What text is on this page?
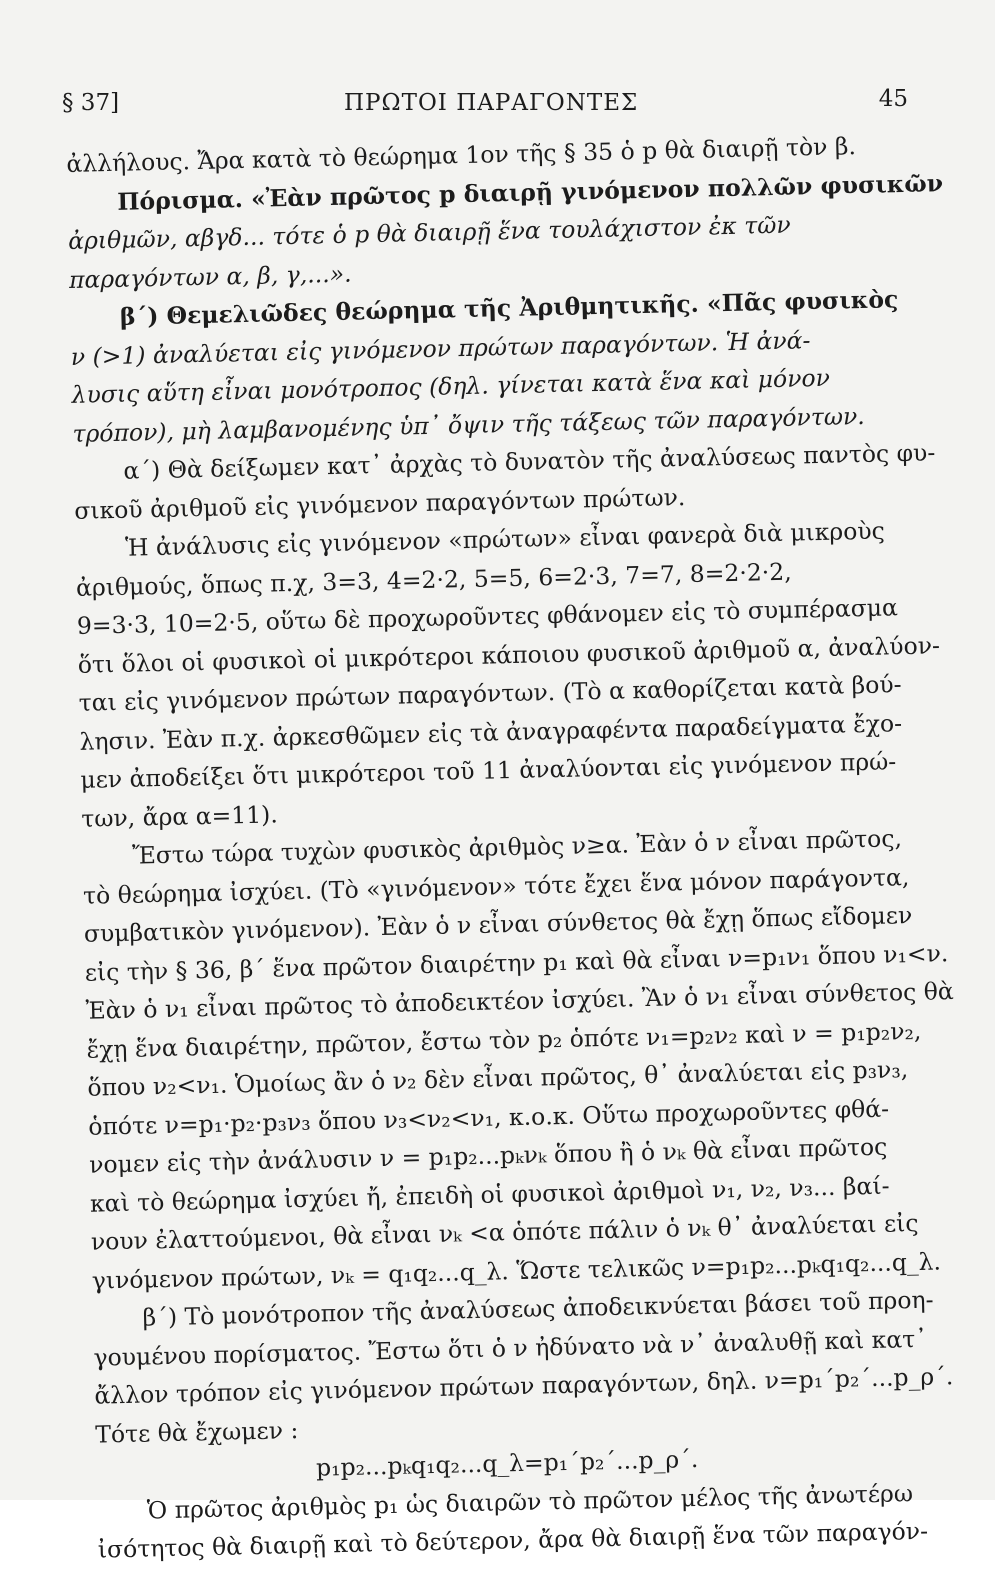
§ 37]	ΠΡΩΤΟΙ ΠΑΡΑΓΟΝΤΕΣ	45
ἀλλήλους. Ἄρα κατὰ τὸ θεώρημα 1ον τῆς § 35 ὁ p θὰ διαιρῇ τὸν β.
Πόρισμα. «Ἐὰν πρῶτος p διαιρῇ γινόμενον πολλῶν φυσικῶν
ἀριθμῶν, αβγδ... τότε ὁ p θὰ διαιρῇ ἕνα τουλάχιστον ἐκ τῶν
παραγόντων α, β, γ,...».
β΄) Θεμελιῶδες θεώρημα τῆς Ἀριθμητικῆς. «Πᾶς φυσικὸς
ν (>1) ἀναλύεται εἰς γινόμενον πρώτων παραγόντων. Ἡ ἀνά-
λυσις αὕτη εἶναι μονότροπος (δηλ. γίνεται κατὰ ἕνα καὶ μόνον
τρόπον), μὴ λαμβανομένης ὑπ᾽ ὄψιν τῆς τάξεως τῶν παραγόντων.
α΄) Θὰ δείξωμεν κατ᾽ ἀρχὰς τὸ δυνατὸν τῆς ἀναλύσεως παντὸς φυ-
σικοῦ ἀριθμοῦ εἰς γινόμενον παραγόντων πρώτων.
Ἡ ἀνάλυσις εἰς γινόμενον «πρώτων» εἶναι φανερὰ διὰ μικροὺς
ἀριθμούς, ὅπως π.χ, 3=3, 4=2·2, 5=5, 6=2·3, 7=7, 8=2·2·2,
9=3·3, 10=2·5, οὕτω δὲ προχωροῦντες φθάνομεν εἰς τὸ συμπέρασμα
ὅτι ὅλοι οἱ φυσικοὶ οἱ μικρότεροι κάποιου φυσικοῦ ἀριθμοῦ α, ἀναλύον-
ται εἰς γινόμενον πρώτων παραγόντων. (Τὸ α καθορίζεται κατὰ βού-
λησιν. Ἐὰν π.χ. ἀρκεσθῶμεν εἰς τὰ ἀναγραφέντα παραδείγματα ἔχο-
μεν ἀποδείξει ὅτι μικρότεροι τοῦ 11 ἀναλύονται εἰς γινόμενον πρώ-
των, ἄρα α=11).
Ἔστω τώρα τυχὼν φυσικὸς ἀριθμὸς ν≥α. Ἐὰν ὁ ν εἶναι πρῶτος,
τὸ θεώρημα ἰσχύει. (Τὸ «γινόμενον» τότε ἔχει ἕνα μόνον παράγοντα,
συμβατικὸν γινόμενον). Ἐὰν ὁ ν εἶναι σύνθετος θὰ ἔχῃ ὅπως εἴδομεν
εἰς τὴν § 36, β΄ ἕνα πρῶτον διαιρέτην p₁ καὶ θὰ εἶναι ν=p₁ν₁ ὅπου ν₁<ν.
Ἐὰν ὁ ν₁ εἶναι πρῶτος τὸ ἀποδεικτέον ἰσχύει. Ἂν ὁ ν₁ εἶναι σύνθετος θὰ
ἔχῃ ἕνα διαιρέτην, πρῶτον, ἔστω τὸν p₂ ὁπότε ν₁=p₂ν₂ καὶ ν = p₁p₂ν₂,
ὅπου ν₂<ν₁. Ὁμοίως ἂν ὁ ν₂ δὲν εἶναι πρῶτος, θ᾽ ἀναλύεται εἰς p₃ν₃,
ὁπότε ν=p₁·p₂·p₃ν₃ ὅπου ν₃<ν₂<ν₁, κ.ο.κ. Οὕτω προχωροῦντες φθά-
νομεν εἰς τὴν ἀνάλυσιν ν = p₁p₂...pₖνₖ ὅπου ἢ ὁ νₖ θὰ εἶναι πρῶτος
καὶ τὸ θεώρημα ἰσχύει ἤ, ἐπειδὴ οἱ φυσικοὶ ἀριθμοὶ ν₁, ν₂, ν₃... βαί-
νουν ἐλαττούμενοι, θὰ εἶναι νₖ <α ὁπότε πάλιν ὁ νₖ θ᾽ ἀναλύεται εἰς
γινόμενον πρώτων, νₖ = q₁q₂...q_λ. Ὥστε τελικῶς ν=p₁p₂...pₖq₁q₂...q_λ.
β΄) Τὸ μονότροπον τῆς ἀναλύσεως ἀποδεικνύεται βάσει τοῦ προη-
γουμένου πορίσματος. Ἔστω ὅτι ὁ ν ἠδύνατο νὰ ν᾽ ἀναλυθῇ καὶ κατ᾽
ἄλλον τρόπον εἰς γινόμενον πρώτων παραγόντων, δηλ. ν=p₁΄p₂΄...p_ρ΄.
Τότε θὰ ἔχωμεν :
p₁p₂...pₖq₁q₂...q_λ=p₁΄p₂΄...p_ρ΄.
Ὁ πρῶτος ἀριθμὸς p₁ ὡς διαιρῶν τὸ πρῶτον μέλος τῆς ἀνωτέρω
ἰσότητος θὰ διαιρῇ καὶ τὸ δεύτερον, ἄρα θὰ διαιρῇ ἕνα τῶν παραγόν-
